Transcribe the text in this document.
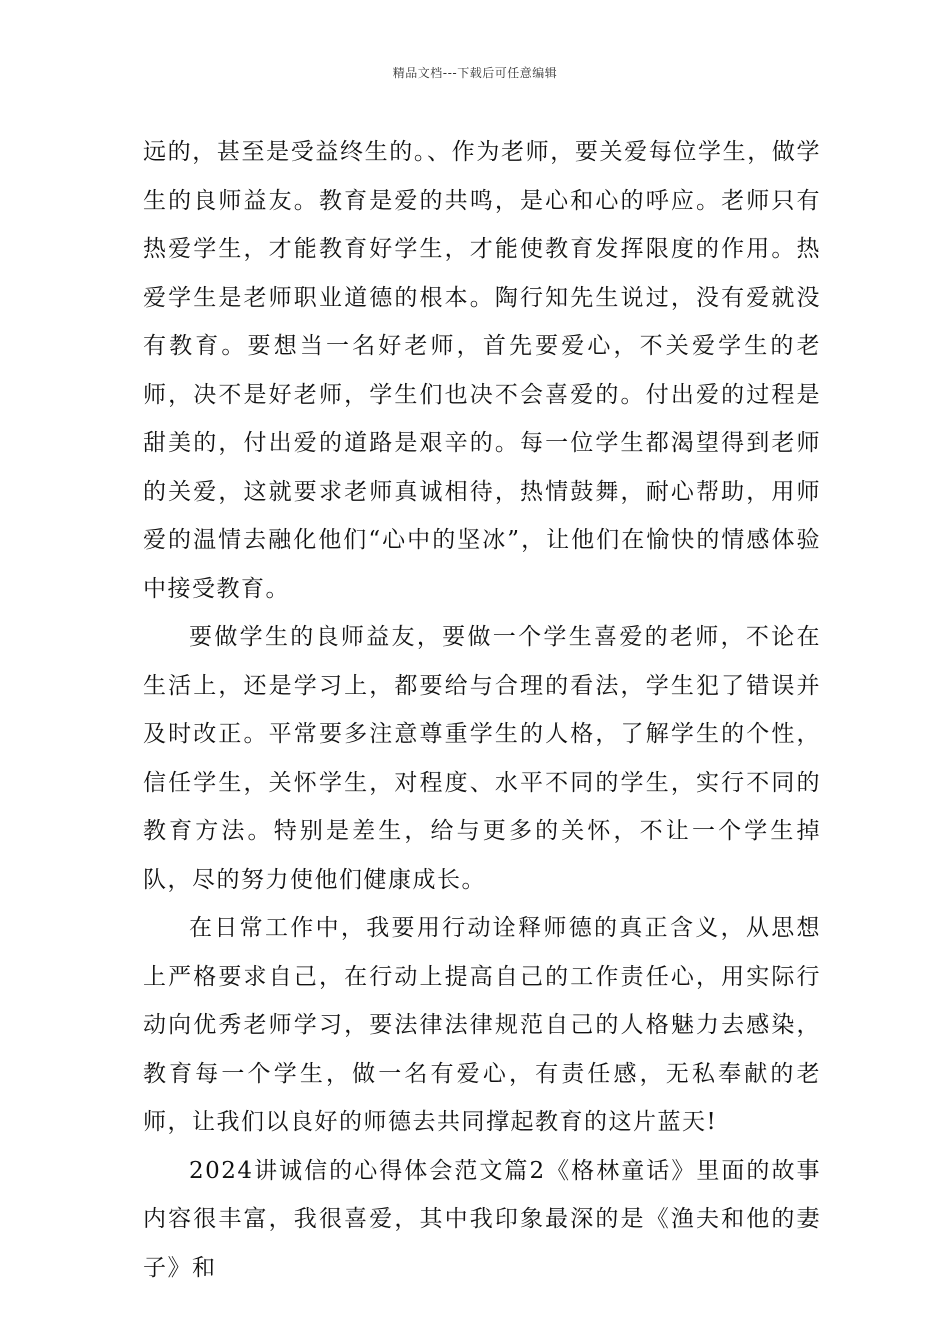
精品文档---下载后可任意编辑

远的，甚至是受益终生的。、作为老师，要关爱每位学生，做学生的良师益友。教育是爱的共鸣，是心和心的呼应。老师只有热爱学生，才能教育好学生，才能使教育发挥限度的作用。热爱学生是老师职业道德的根本。陶行知先生说过，没有爱就没有教育。要想当一名好老师，首先要爱心，不关爱学生的老师，决不是好老师，学生们也决不会喜爱的。付出爱的过程是甜美的，付出爱的道路是艰辛的。每一位学生都渴望得到老师的关爱，这就要求老师真诚相待，热情鼓舞，耐心帮助，用师爱的温情去融化他们“心中的坚冰”，让他们在愉快的情感体验中接受教育。

要做学生的良师益友，要做一个学生喜爱的老师，不论在生活上，还是学习上，都要给与合理的看法，学生犯了错误并及时改正。平常要多注意尊重学生的人格，了解学生的个性，信任学生，关怀学生，对程度、水平不同的学生，实行不同的教育方法。特别是差生，给与更多的关怀，不让一个学生掉队，尽的努力使他们健康成长。

在日常工作中，我要用行动诠释师德的真正含义，从思想上严格要求自己，在行动上提高自己的工作责任心，用实际行动向优秀老师学习，要法律法律规范自己的人格魅力去感染，教育每一个学生，做一名有爱心，有责任感，无私奉献的老师，让我们以良好的师德去共同撑起教育的这片蓝天!

2024讲诚信的心得体会范文篇2《格林童话》里面的故事内容很丰富，我很喜爱，其中我印象最深的是《渔夫和他的妻子》和
